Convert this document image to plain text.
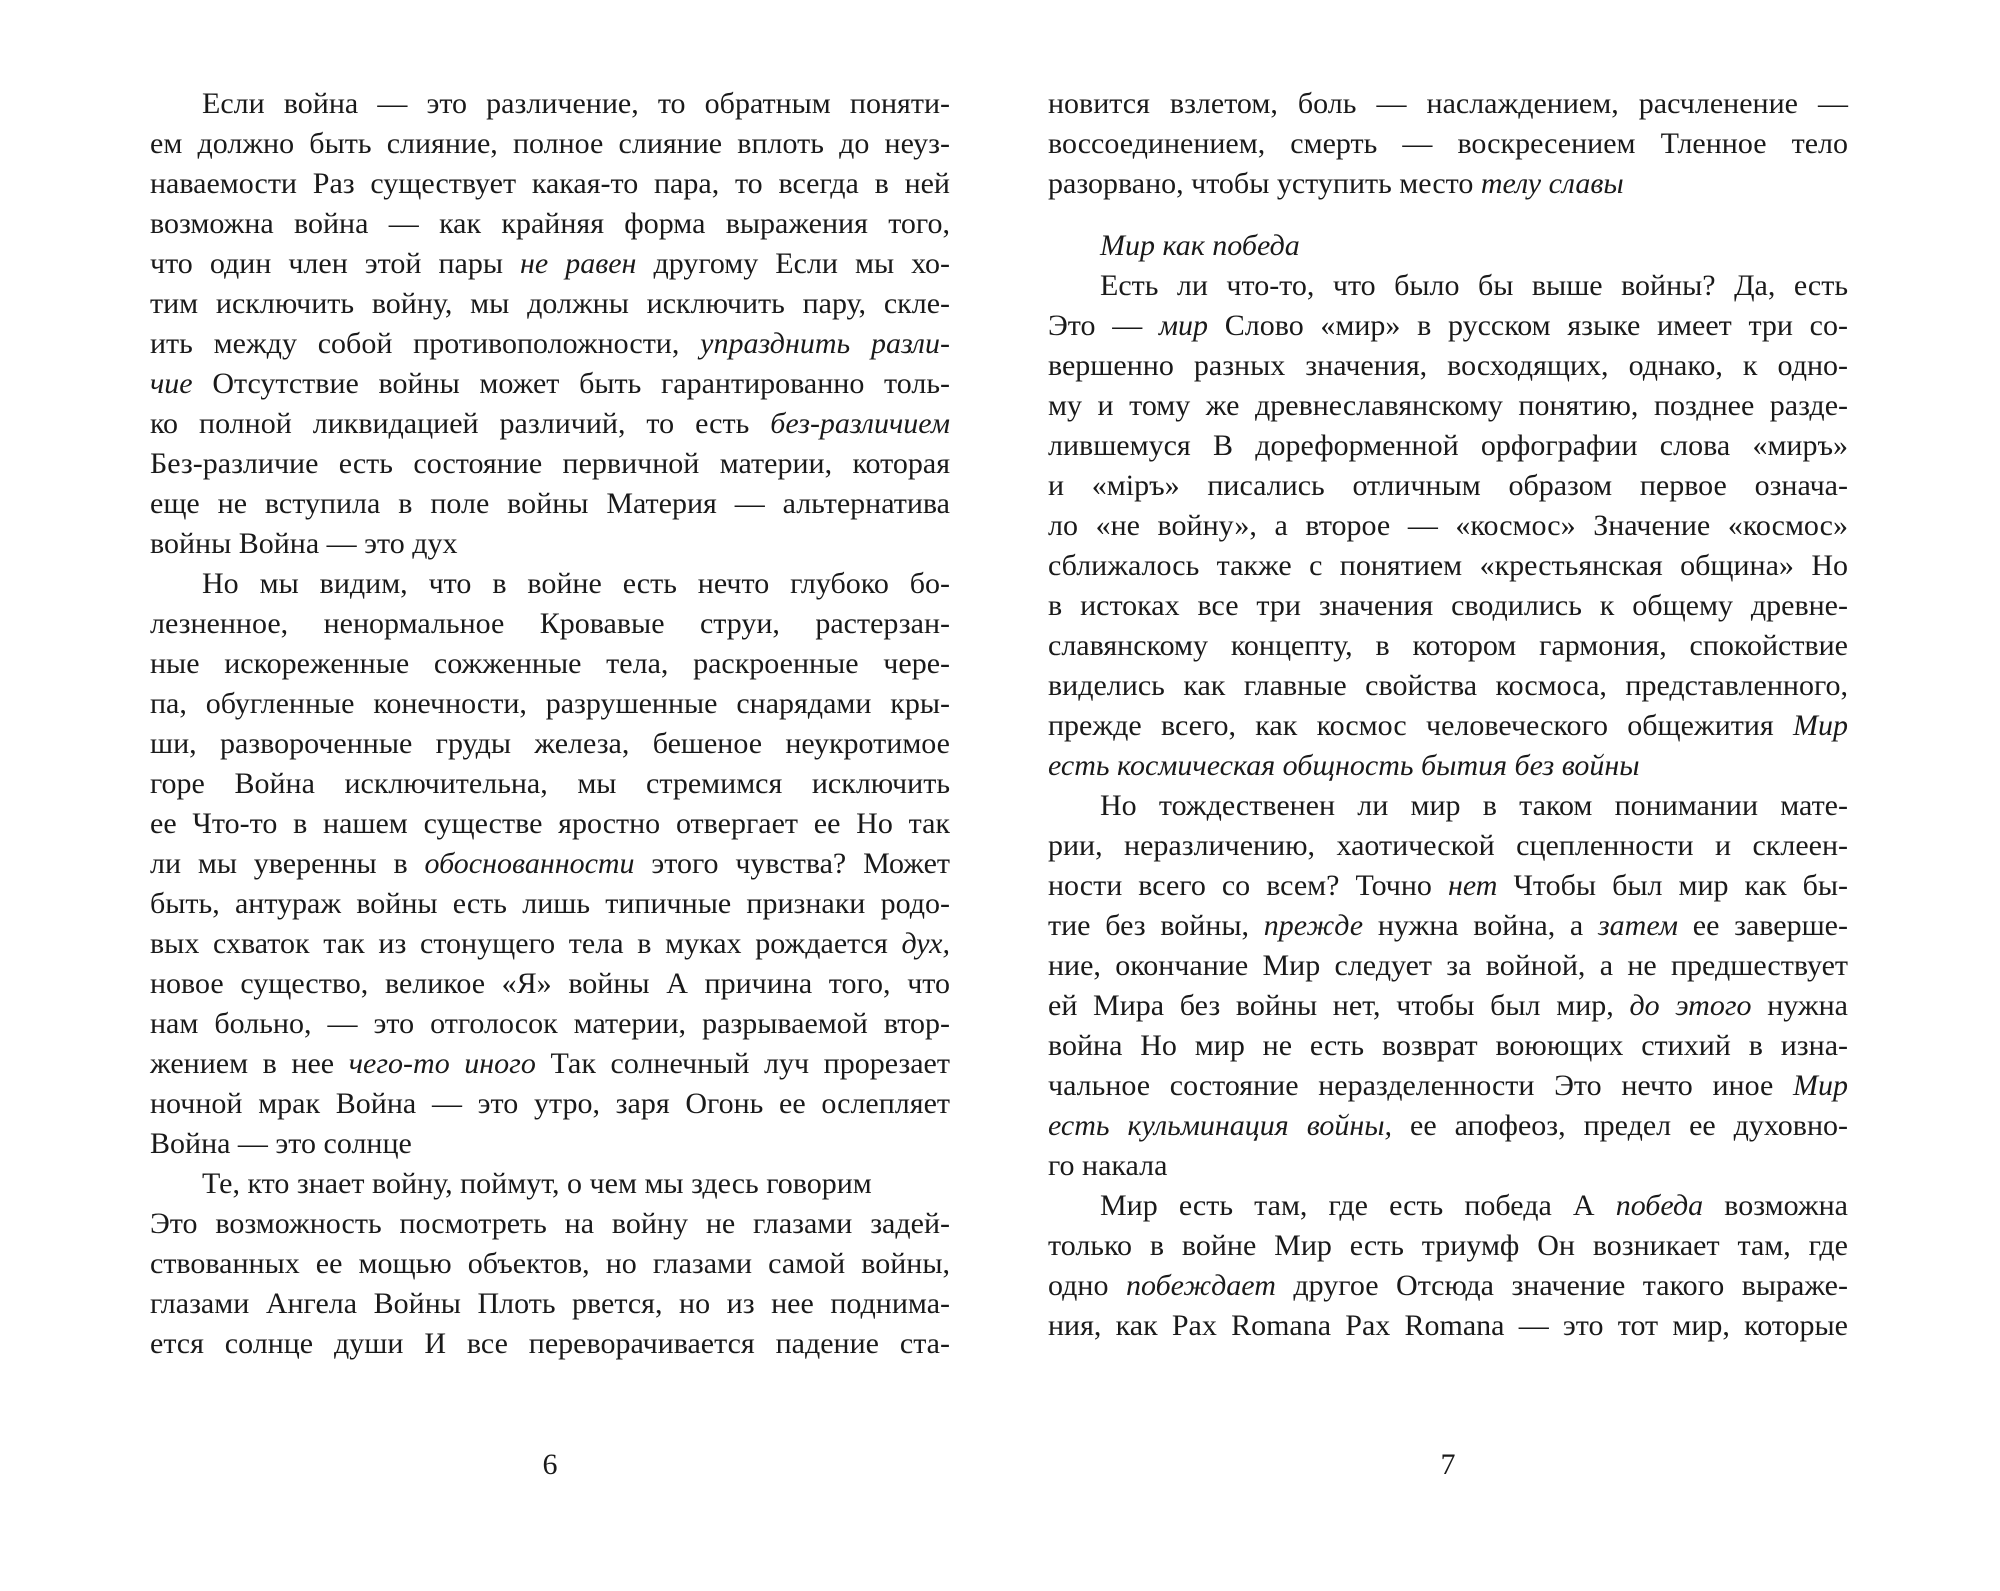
Если война — это различение, то обратным поняти-
ем должно быть слияние, полное слияние вплоть до неуз-
наваемости Раз существует какая-то пара, то всегда в ней
возможна война — как крайняя форма выражения того,
что один член этой пары не равен другому Если мы хо-
тим исключить войну, мы должны исключить пару, скле-
ить между собой противоположности, упразднить разли-
чие Отсутствие войны может быть гарантированно толь-
ко полной ликвидацией различий, то есть без-различием
Без-различие есть состояние первичной материи, которая
еще не вступила в поле войны Материя — альтернатива
войны Война — это дух
Но мы видим, что в войне есть нечто глубоко бо-
лезненное, ненормальное Кровавые струи, растерзан-
ные искореженные сожженные тела, раскроенные чере-
па, обугленные конечности, разрушенные снарядами кры-
ши, развороченные груды железа, бешеное неукротимое
горе Война исключительна, мы стремимся исключить
ее Что-то в нашем существе яростно отвергает ее Но так
ли мы уверенны в обоснованности этого чувства? Может
быть, антураж войны есть лишь типичные признаки родо-
вых схваток так из стонущего тела в муках рождается дух,
новое существо, великое «Я» войны А причина того, что
нам больно, — это отголосок материи, разрываемой втор-
жением в нее чего-то иного Так солнечный луч прорезает
ночной мрак Война — это утро, заря Огонь ее ослепляет
Война — это солнце
Те, кто знает войну, поймут, о чем мы здесь говорим
Это возможность посмотреть на войну не глазами задей-
ствованных ее мощью объектов, но глазами самой войны,
глазами Ангела Войны Плоть рвется, но из нее поднима-
ется солнце души И все переворачивается падение ста-
новится взлетом, боль — наслаждением, расчленение —
воссоединением, смерть — воскресением Тленное тело
разорвано, чтобы уступить место телу славы
Мир как победа
Есть ли что-то, что было бы выше войны? Да, есть
Это — мир Слово «мир» в русском языке имеет три со-
вершенно разных значения, восходящих, однако, к одно-
му и тому же древнеславянскому понятию, позднее разде-
лившемуся В дореформенной орфографии слова «миръ»
и «мiръ» писались отличным образом первое означа-
ло «не войну», а второе — «космос» Значение «космос»
сближалось также с понятием «крестьянская община» Но
в истоках все три значения сводились к общему древне-
славянскому концепту, в котором гармония, спокойствие
виделись как главные свойства космоса, представленного,
прежде всего, как космос человеческого общежития Мир
есть космическая общность бытия без войны
Но тождественен ли мир в таком понимании мате-
рии, неразличению, хаотической сцепленности и склеен-
ности всего со всем? Точно нет Чтобы был мир как бы-
тие без войны, прежде нужна война, а затем ее заверше-
ние, окончание Мир следует за войной, а не предшествует
ей Мира без войны нет, чтобы был мир, до этого нужна
война Но мир не есть возврат воюющих стихий в изна-
чальное состояние неразделенности Это нечто иное Мир
есть кульминация войны, ее апофеоз, предел ее духовно-
го накала
Мир есть там, где есть победа А победа возможна
только в войне Мир есть триумф Он возникает там, где
одно побеждает другое Отсюда значение такого выраже-
ния, как Pax Romana Pax Romana — это тот мир, которые
6	7
